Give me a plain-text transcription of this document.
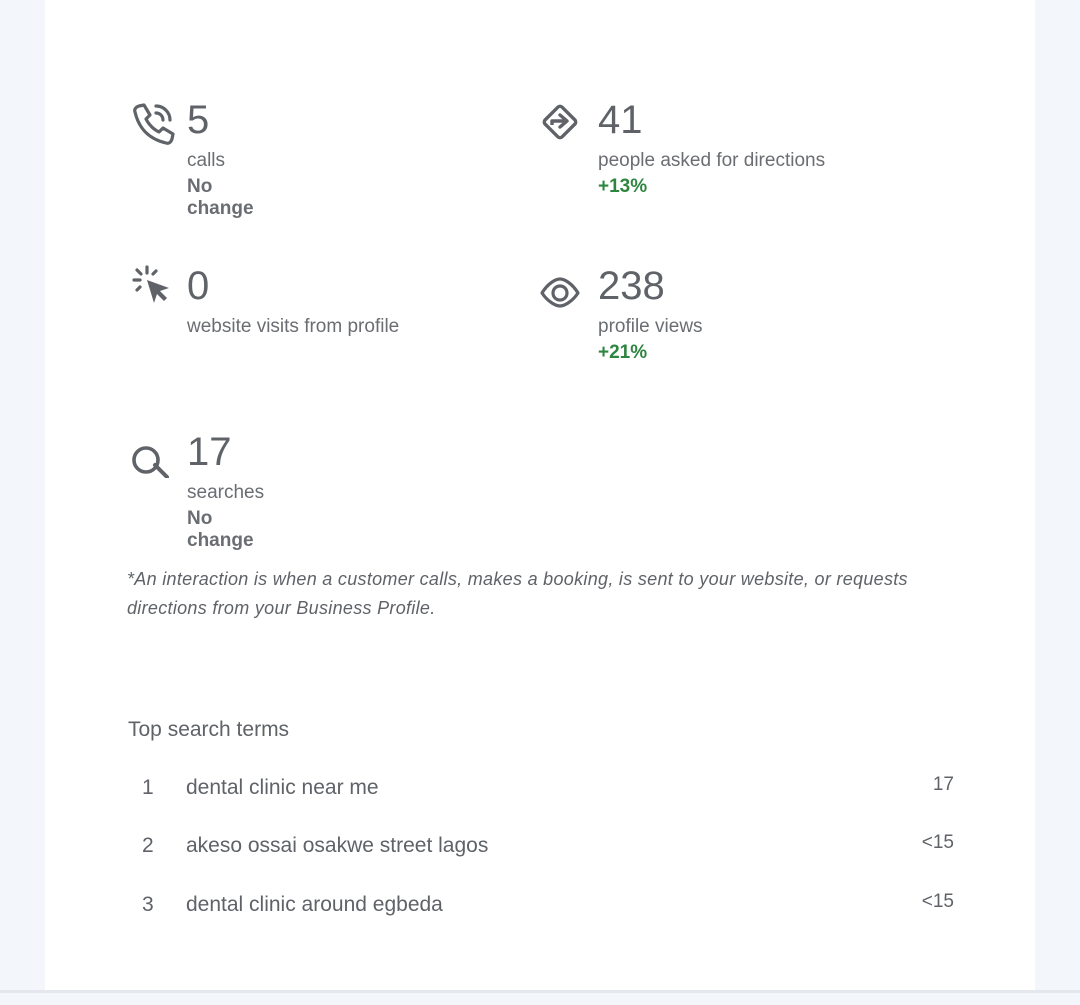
5
calls
No change
41
people asked for directions
+13%
0
website visits from profile
238
profile views
+21%
17
searches
No change
*An interaction is when a customer calls, makes a booking, is sent to your website, or requests directions from your Business Profile.
Top search terms
1 dental clinic near me	17
2 akeso ossai osakwe street lagos	<15
3 dental clinic around egbeda	<15
